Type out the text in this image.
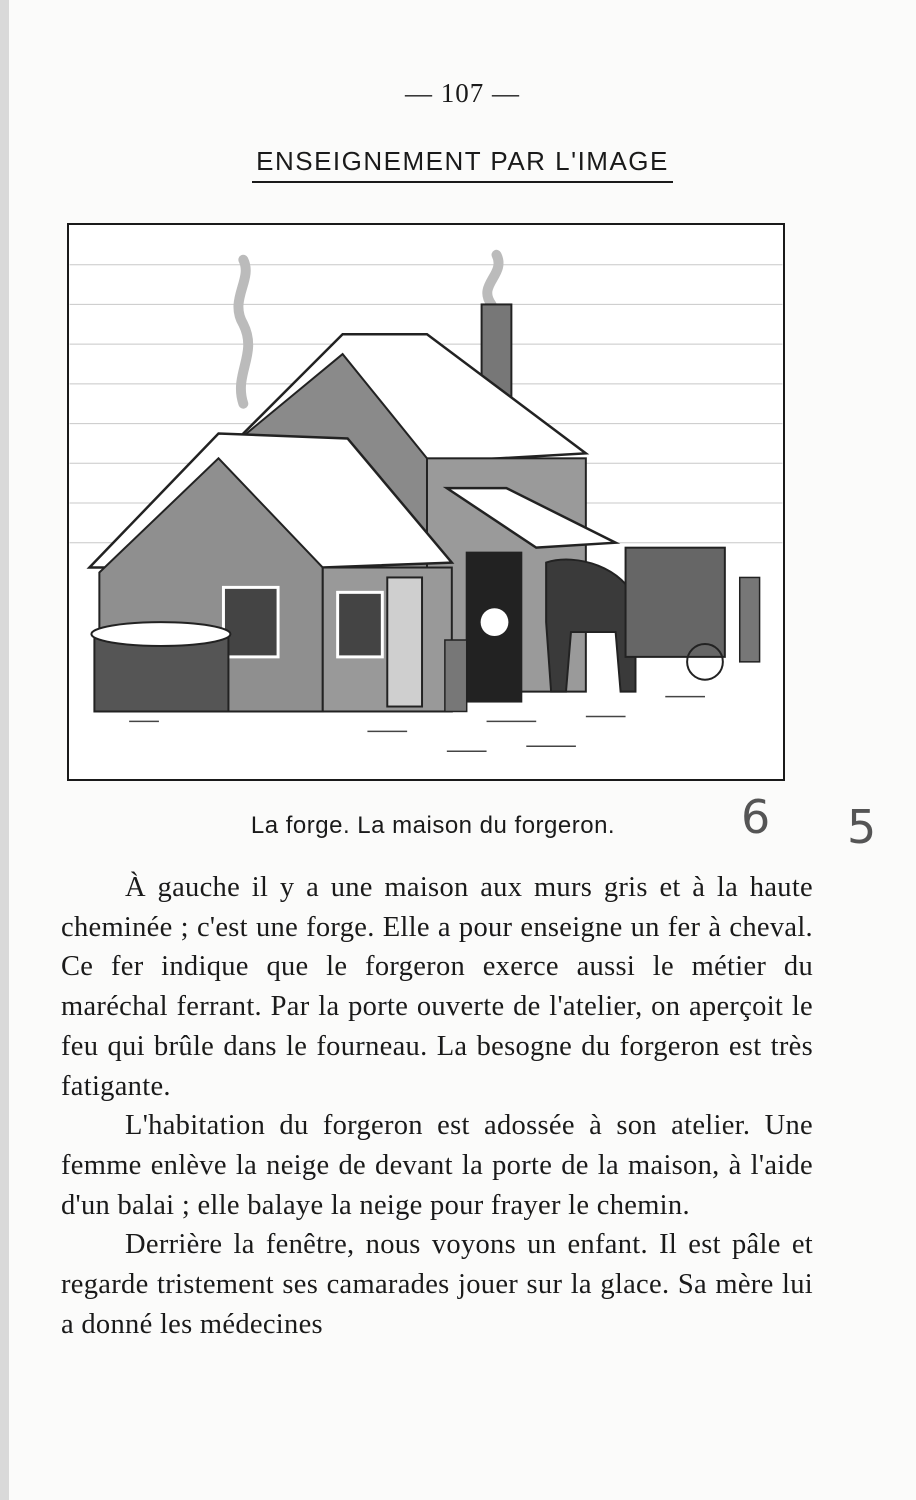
— 107 —
ENSEIGNEMENT PAR L'IMAGE
La forge. La maison du forgeron.	5
6

À gauche il y a une maison aux murs gris et à la haute cheminée ; c'est une forge. Elle a pour enseigne un fer à cheval. Ce fer indique que le forgeron exerce aussi le métier du maréchal ferrant. Par la porte ouverte de l'atelier, on aperçoit le feu qui brûle dans le fourneau. La besogne du forgeron est très fatigante.

L'habitation du forgeron est adossée à son atelier. Une femme enlève la neige de devant la porte de la maison, à l'aide d'un balai ; elle balaye la neige pour frayer le chemin.

Derrière la fenêtre, nous voyons un enfant. Il est pâle et regarde tristement ses camarades jouer sur la glace. Sa mère lui a donné les médecines
